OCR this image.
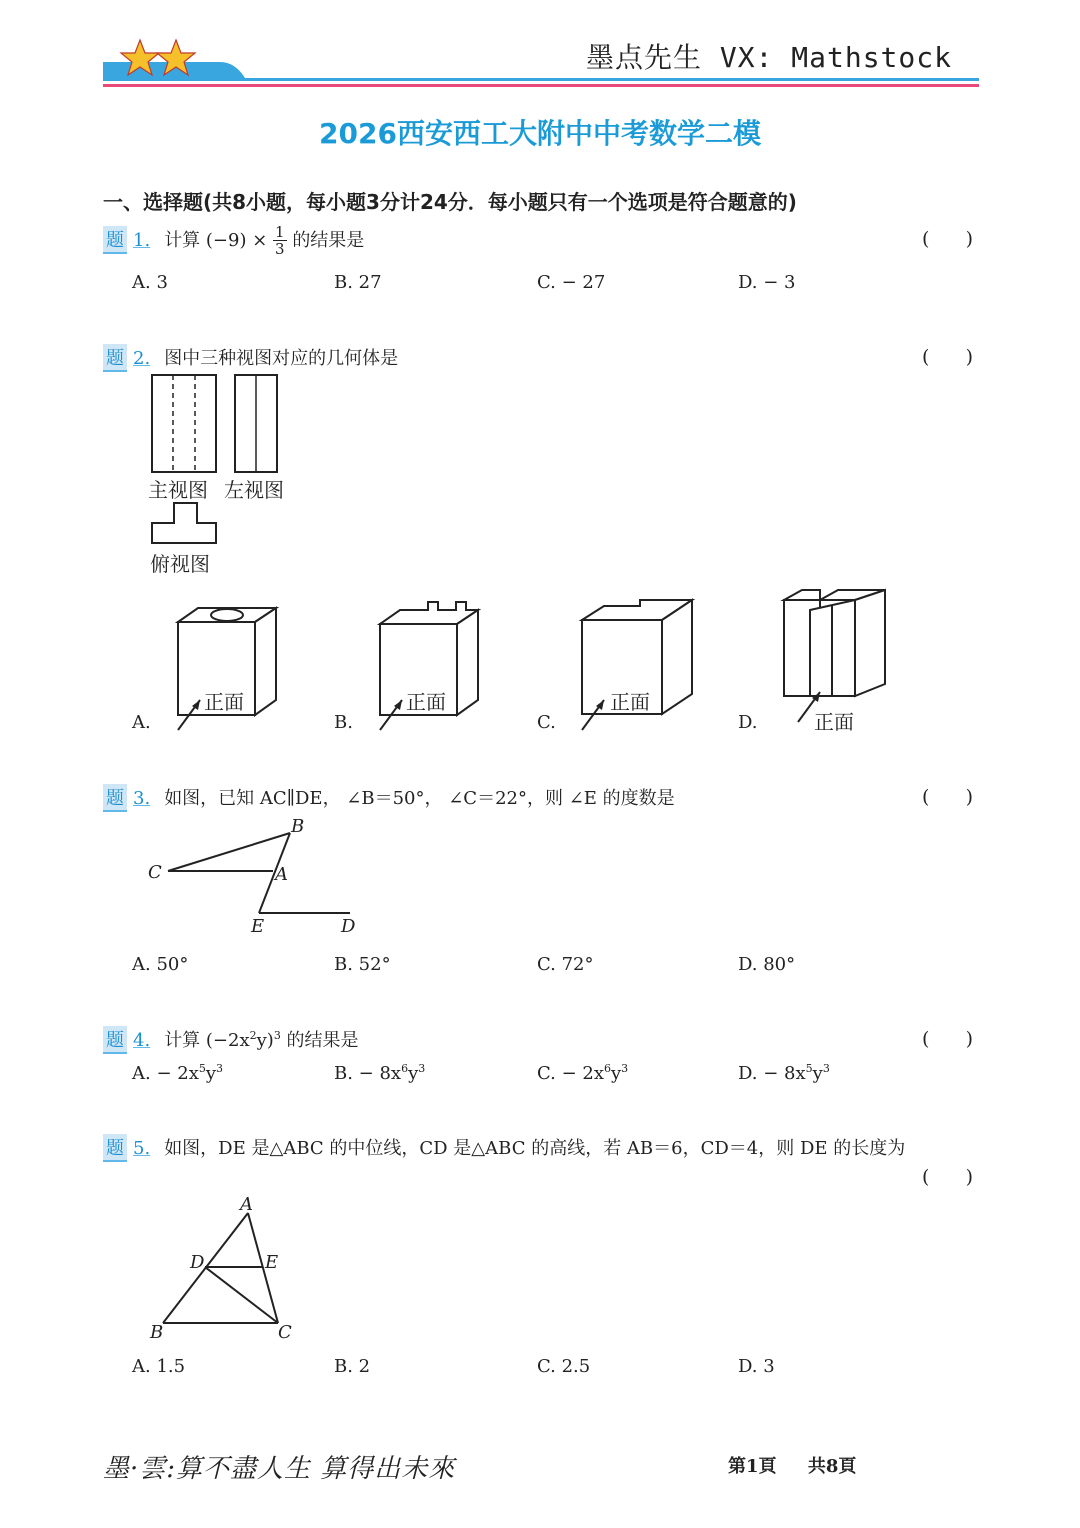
墨点先生 VX: Mathstock
2026西安西工大附中中考数学二模
一、选择题(共8小题，每小题3分计24分．每小题只有一个选项是符合题意的)
题 1. 计算 $(-9) \times \frac{1}{3}$ 的结果是	(      )
A. 3	B. 27	C. − 27	D. − 3
题 2. 图中三种视图对应的几何体是	(      )
主视图 左视图
俯视图
正面	正面	正面
正面
A.	B.	C.	D.
题 3. 如图，已知 AC∥DE， ∠B＝50°， ∠C＝22°，则 ∠E 的度数是	(      )
B
C	A
E	D
A. 50°	B. 52°	C. 72°	D. 80°
题 4. 计算 $(-2x^2y)^3$ 的结果是	(      )
A. − $2x^5y^3$	B. − $8x^6y^3$	C. − $2x^6y^3$	D. − $8x^5y^3$
题 5. 如图，DE 是△ABC 的中位线，CD 是△ABC 的高线，若 AB＝6，CD＝4，则 DE 的长度为
(      )
A
D	E
B	C
A. 1.5	B. 2	C. 2.5	D. 3
墨·雲:算不盡人生 算得出未來	第1頁 共8頁
